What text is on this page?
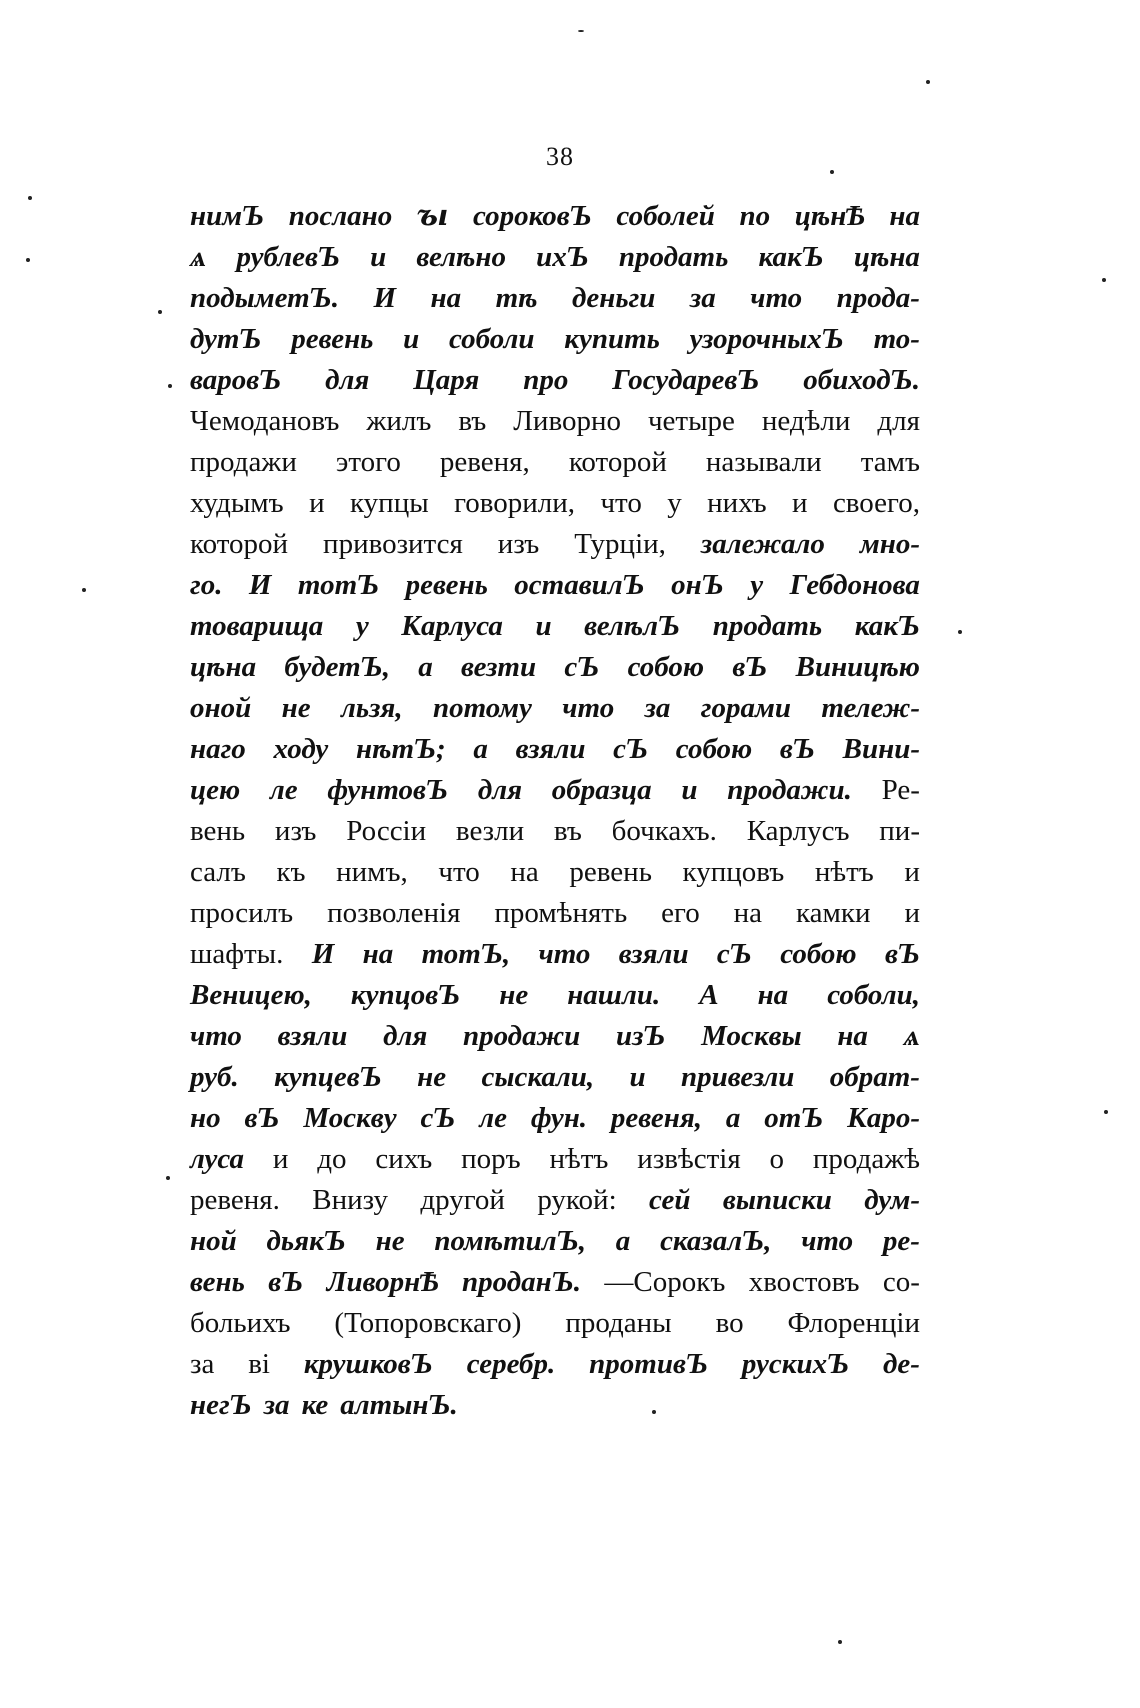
38
нимЪ послано ꙑ сороковЪ соболей по цѣнѢ на
ѧ рублевЪ и велѣно ихЪ продать какЪ цѣна
подыметЪ. И на тѣ деньги за что прода-
дутЪ ревень и соболи купить узорочныхЪ то-
варовЪ для Царя про ГосударевЪ обиходЪ.
Чемодановъ жилъ въ Ливорно четыре недѣли для
продажи этого ревеня, которой называли тамъ
худымъ и купцы говорили, что у нихъ и своего,
которой привозится изъ Турціи, залежало мно-
го. И тотЪ ревень оставилЪ онЪ у Гебдонова
товарища у Карлуса и велѣлЪ продать какЪ
цѣна будетЪ, а везти сЪ собою вЪ Виницѣю
оной не льзя, потому что за горами тележ-
наго ходу нѣтЪ; а взяли сЪ собою вЪ Вини-
цею ле фунтовЪ для образца и продажи. Ре-
вень изъ Россіи везли въ бочкахъ. Карлусъ пи-
салъ къ нимъ, что на ревень купцовъ нѣтъ и
просилъ позволенія промѣнять его на камки и
шафты. И на тотЪ, что взяли сЪ собою вЪ
Веницею, купцовЪ не нашли. А на соболи,
что взяли для продажи изЪ Москвы на ѧ
руб. купцевЪ не сыскали, и привезли обрат-
но вЪ Москву сЪ ле фун. ревеня, а отЪ Каро-
луса и до сихъ поръ нѣтъ извѣстія о продажѣ
ревеня. Внизу другой рукой: сей выписки дум-
ной дьякЪ не помѣтилЪ, а сказалЪ, что ре-
вень вЪ ЛиворнѢ проданЪ. —Сорокъ хвостовъ со-
больихъ (Топоровскаго) проданы во Флоренціи
за ві крушковЪ серебр. противЪ рускихЪ де-
негЪ за ке алтынЪ.
